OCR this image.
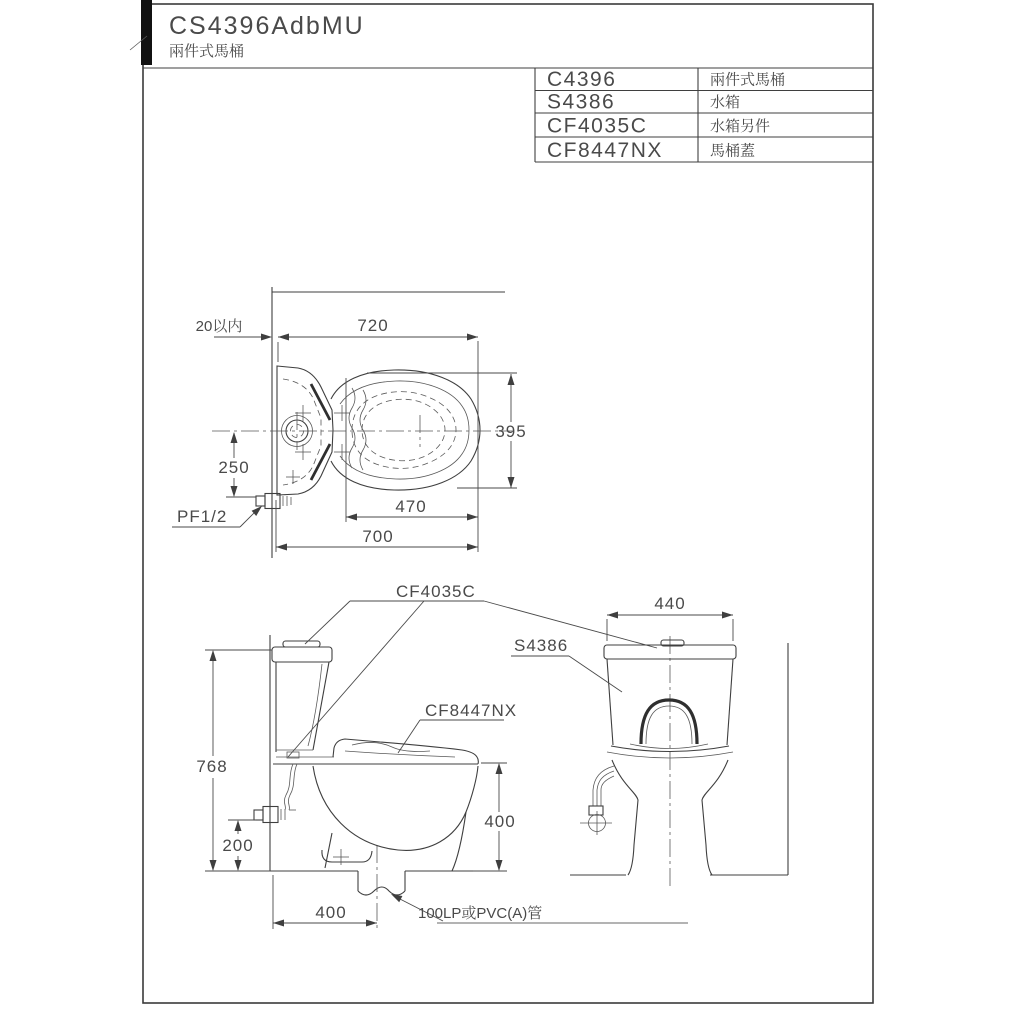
CS4396AdbMU
兩件式馬桶
C4396	兩件式馬桶
S4386	水箱
CF4035C	水箱另件
CF8447NX	馬桶蓋
20以内	720
395
250
PF1/2
470
700
768
200
400
400	100LP或PVC(A)管
CF4035C
CF8447NX
440
S4386
